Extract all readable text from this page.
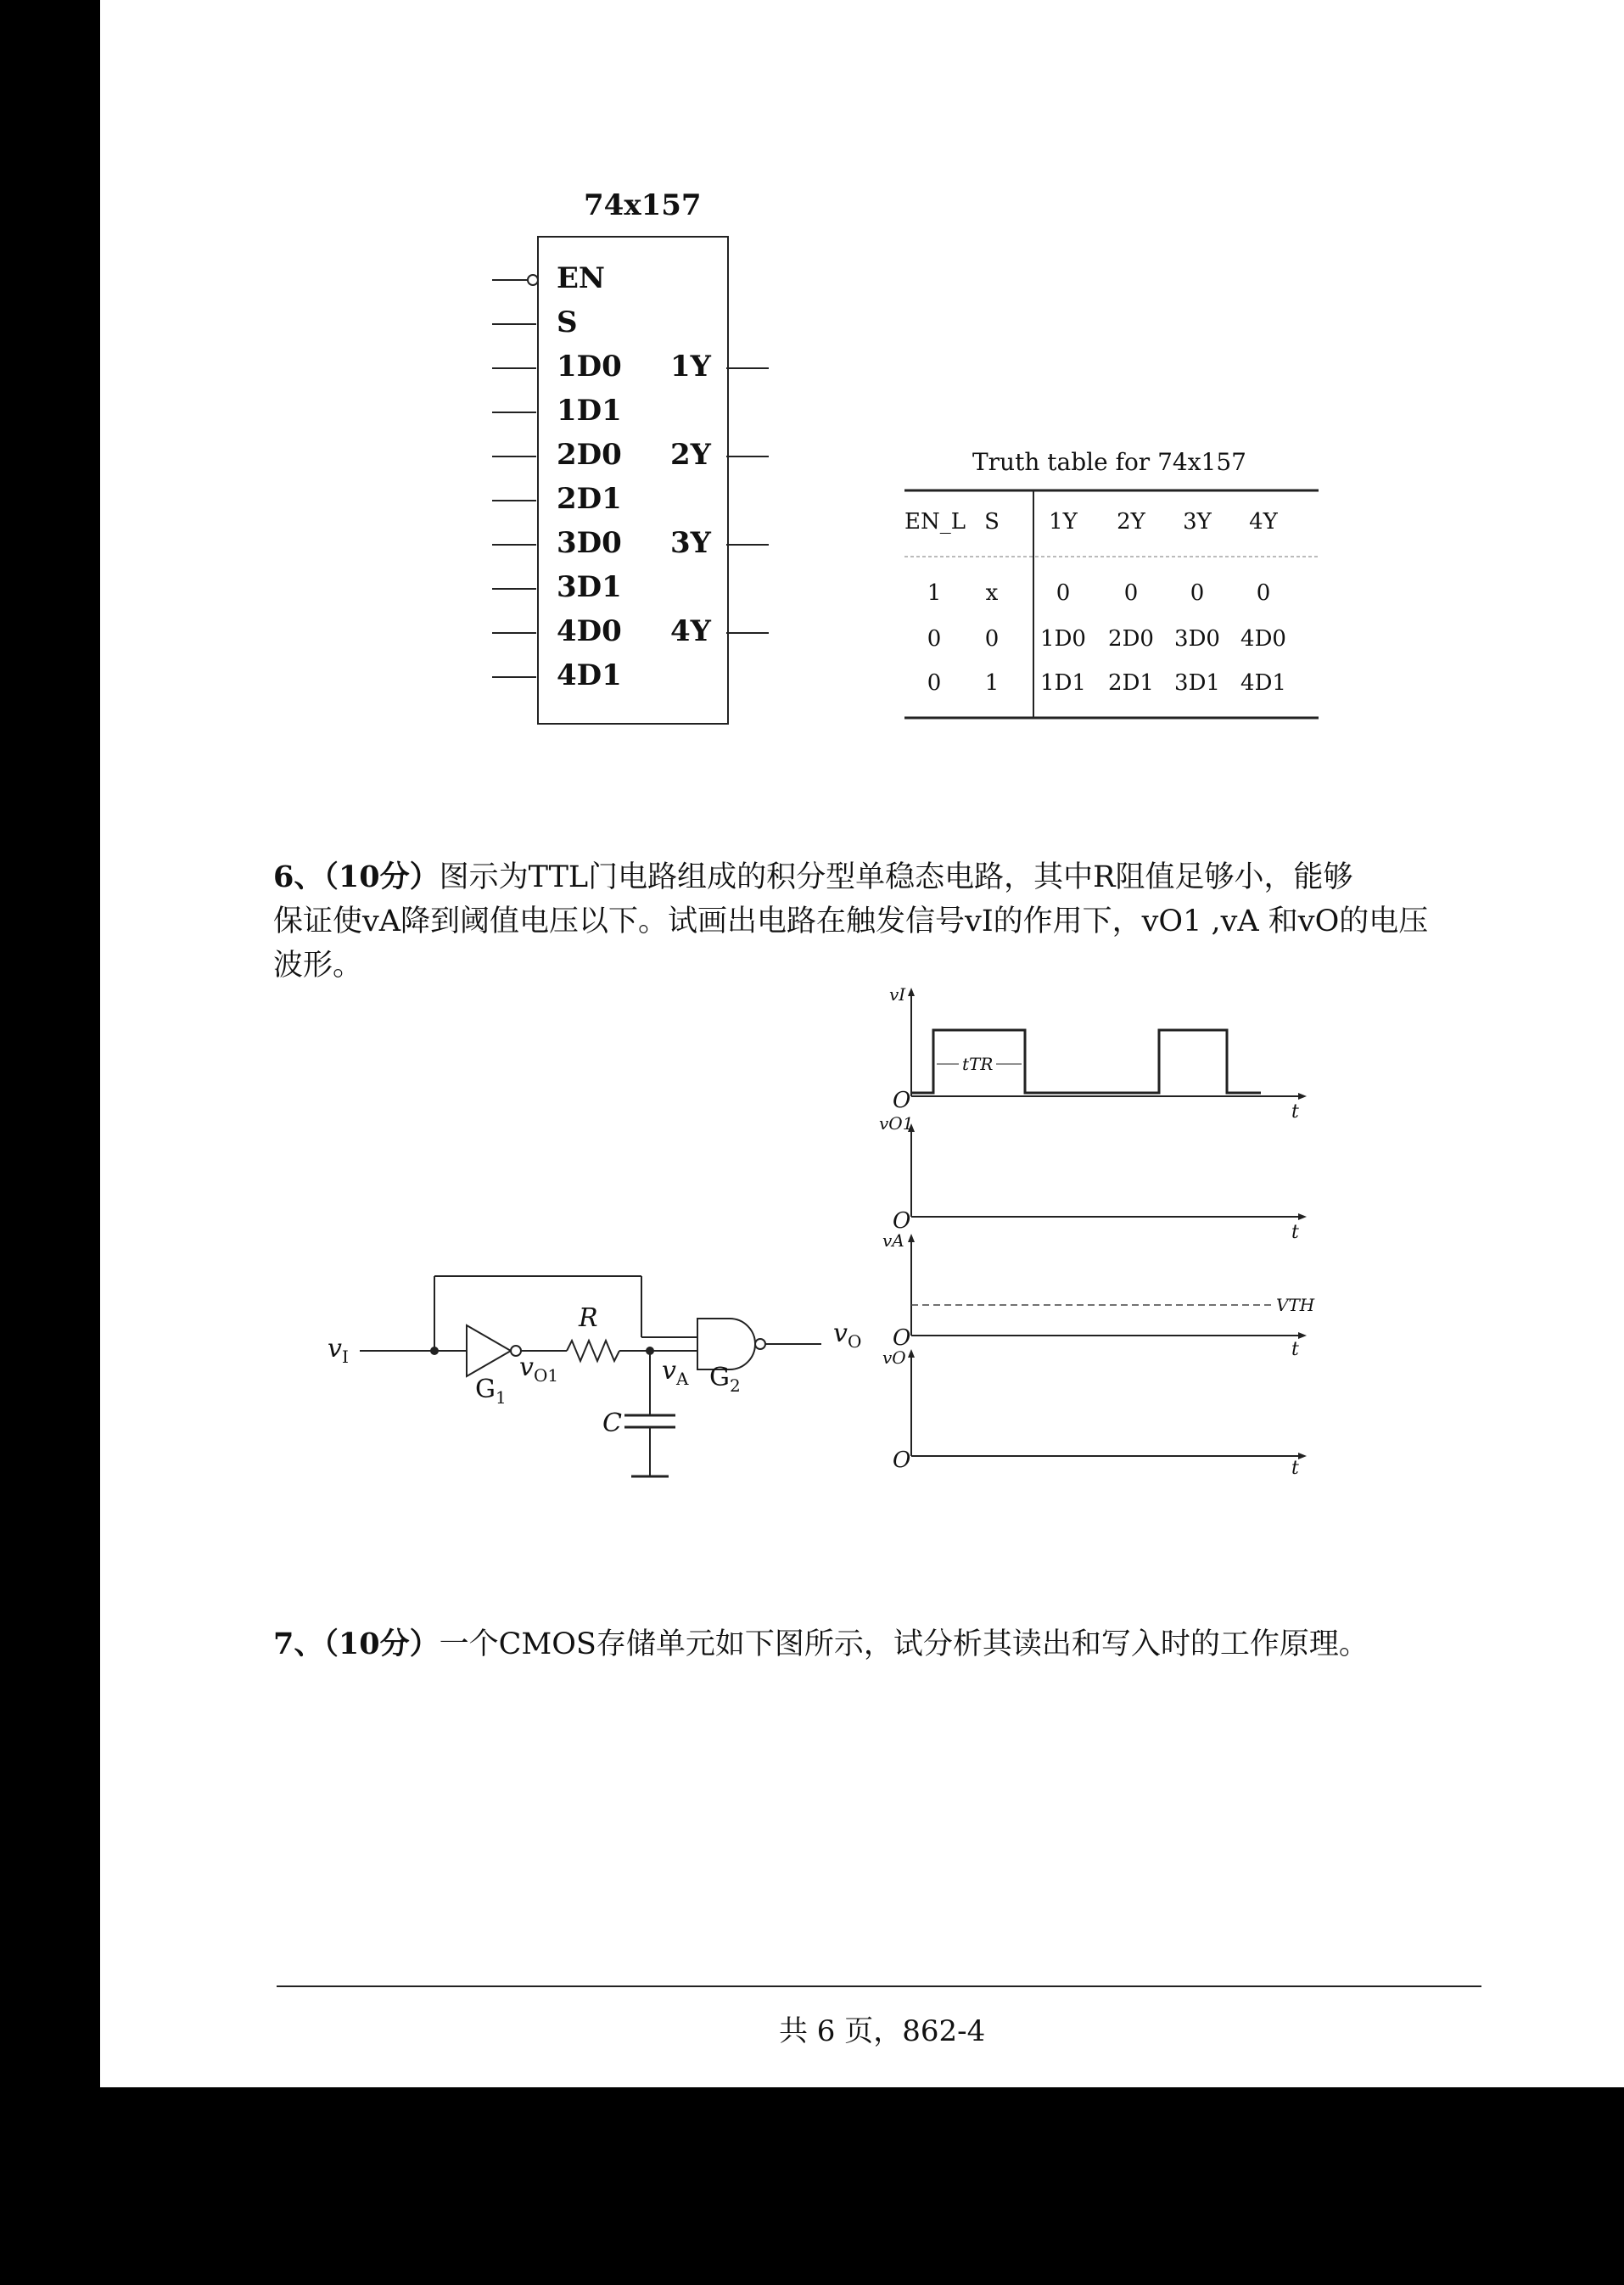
74x157
EN
S
1D0
1D1
2D0
2D1
3D0
3D1
4D0
4D1
1Y
2Y
3Y
4Y
Truth table for 74x157
EN_L S	1Y	2Y	3Y	4Y
1	x	0	0	0	0
0	0	1D0	2D0 3D0 4D0
0	1	1D1	2D1 3D1 4D1
6、（10分）图示为TTL门电路组成的积分型单稳态电路，其中R阻值足够小，能够
保证使vA降到阈值电压以下。试画出电路在触发信号vI的作用下，vO1 ,vA 和vO的电压
波形。
$v_I$
R
$G_1$
$v_{O1}$	$v_A$ $G_2$
C
$v_O$
vI
O	t
tTR
vO1
O	t
vA
VTH
O	t
vO
O	t
7、（10分）一个CMOS存储单元如下图所示，试分析其读出和写入时的工作原理。
共 6 页，862-4
